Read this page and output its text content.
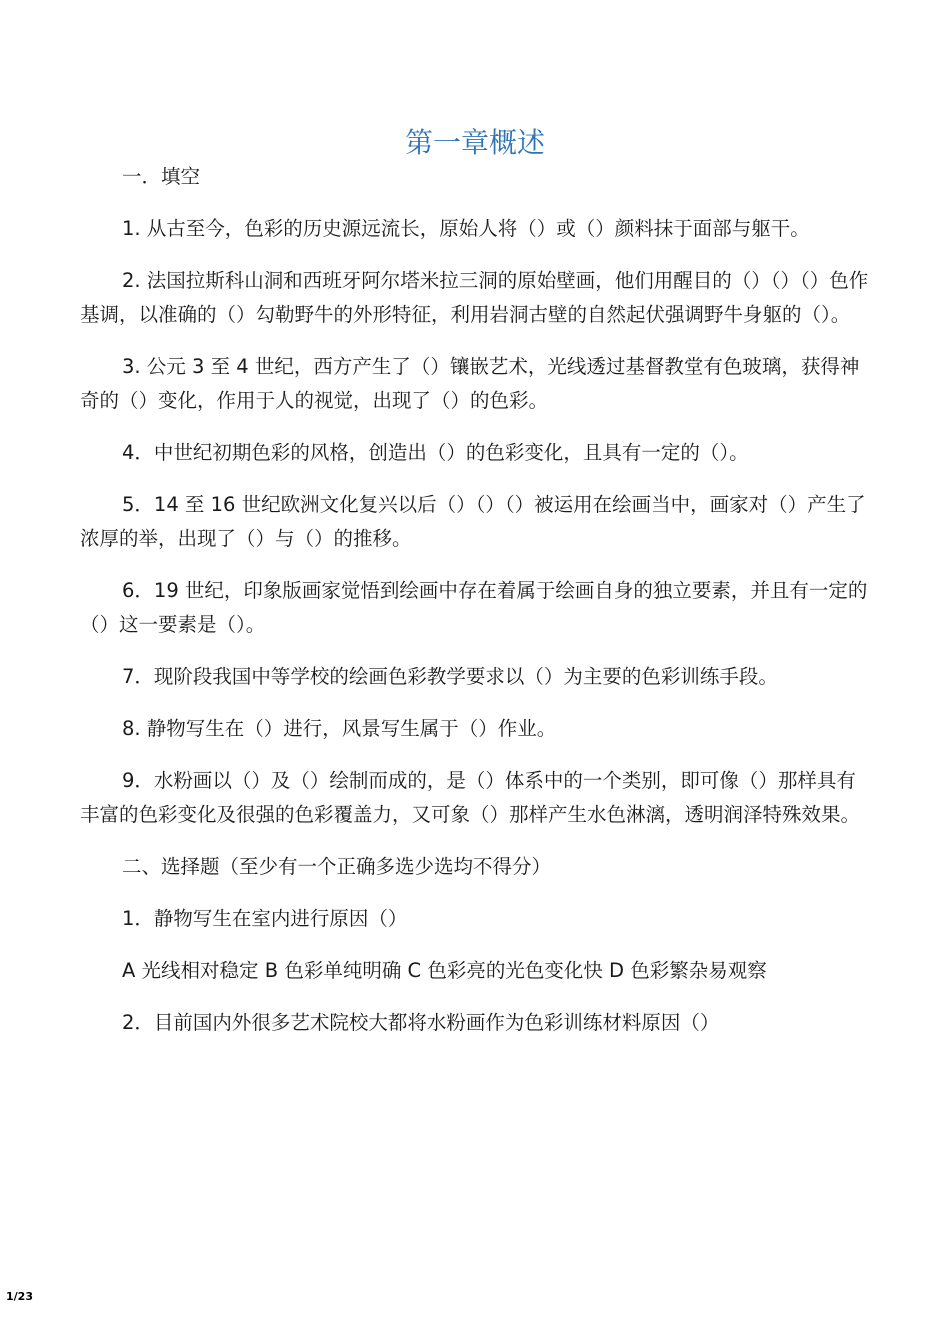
第一章概述

一．填空

1. 从古至今，色彩的历史源远流长，原始人将（）或（）颜料抹于面部与躯干。

2. 法国拉斯科山洞和西班牙阿尔塔米拉三洞的原始壁画，他们用醒目的（）（）（）色作基调，以准确的（）勾勒野牛的外形特征，利用岩洞古壁的自然起伏强调野牛身躯的（）。

3. 公元 3 至 4 世纪，西方产生了（）镶嵌艺术，光线透过基督教堂有色玻璃，获得神奇的（）变化，作用于人的视觉，出现了（）的色彩。

4．中世纪初期色彩的风格，创造出（）的色彩变化，且具有一定的（）。

5．14 至 16 世纪欧洲文化复兴以后（）（）（）被运用在绘画当中，画家对（）产生了浓厚的举，出现了（）与（）的推移。

6．19 世纪，印象版画家觉悟到绘画中存在着属于绘画自身的独立要素，并且有一定的（）这一要素是（）。

7．现阶段我国中等学校的绘画色彩教学要求以（）为主要的色彩训练手段。

8. 静物写生在（）进行，风景写生属于（）作业。

9．水粉画以（）及（）绘制而成的，是（）体系中的一个类别，即可像（）那样具有丰富的色彩变化及很强的色彩覆盖力，又可象（）那样产生水色淋漓，透明润泽特殊效果。

二、选择题（至少有一个正确多选少选均不得分）

1．静物写生在室内进行原因（）

A 光线相对稳定 B 色彩单纯明确 C 色彩亮的光色变化快 D 色彩繁杂易观察

2．目前国内外很多艺术院校大都将水粉画作为色彩训练材料原因（）

1/23
